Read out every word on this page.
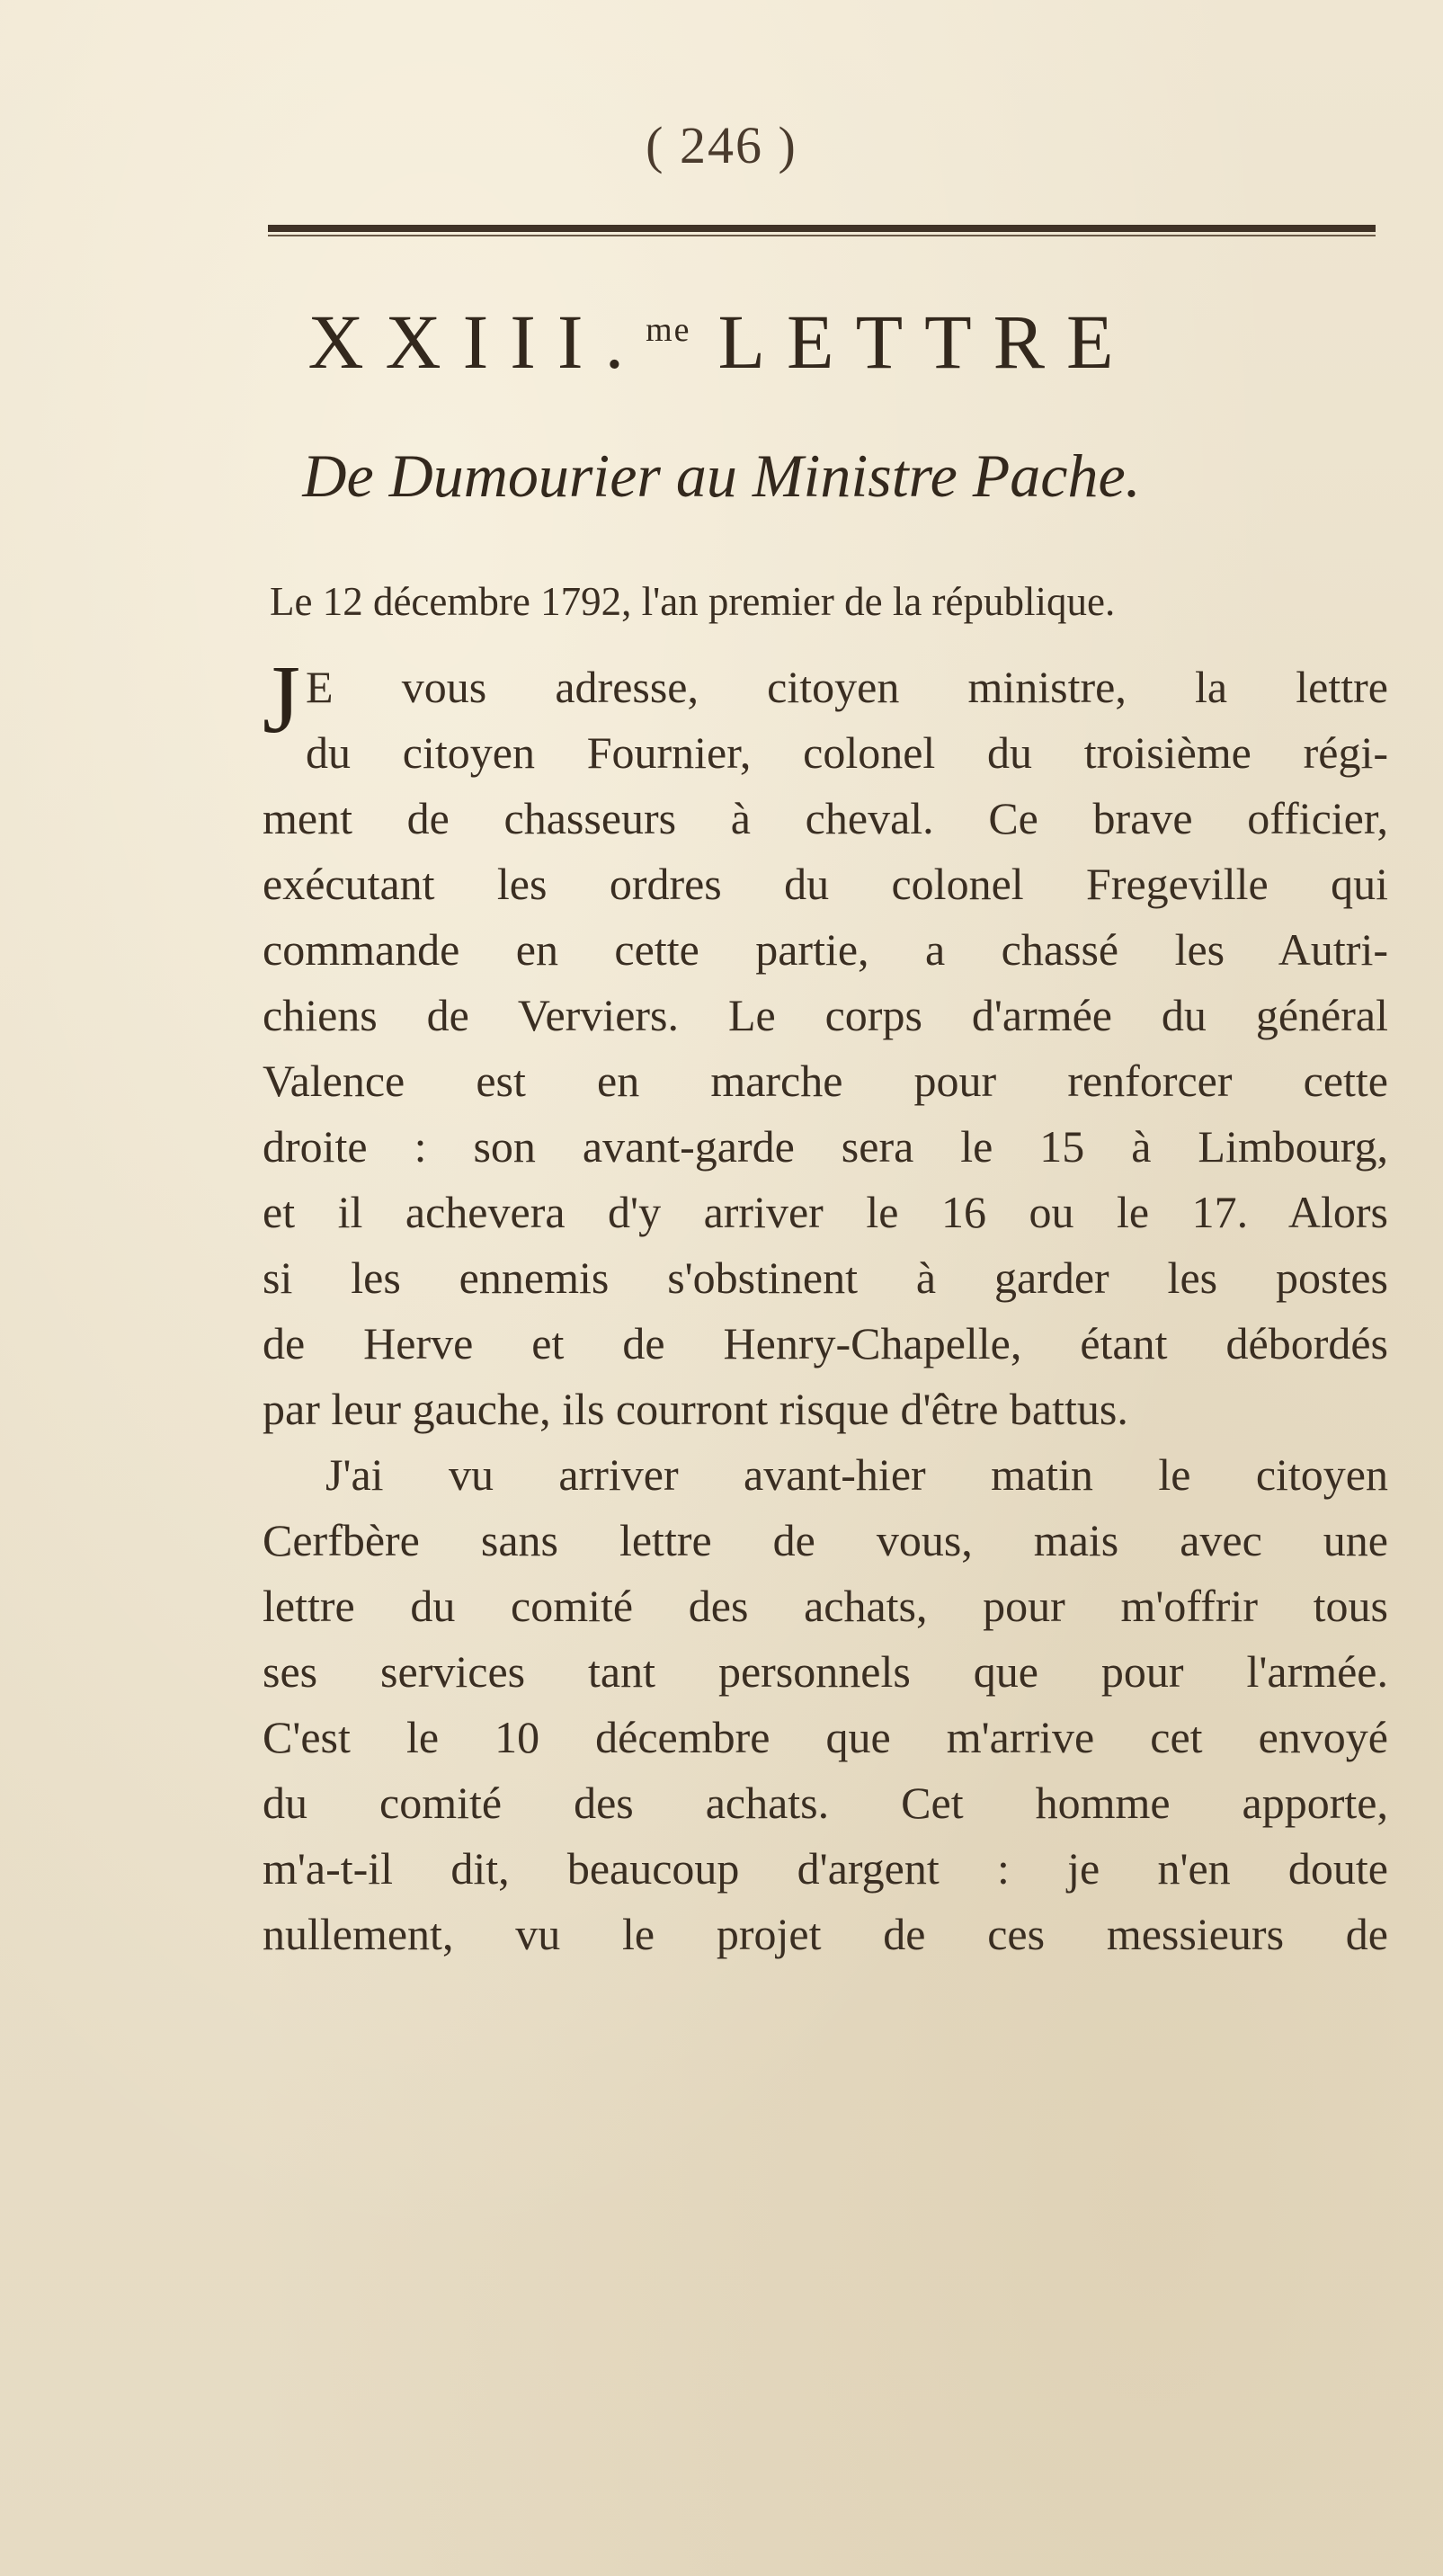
( 246 )
XXIII.$^{me}$ LETTRE
De Dumourier au Ministre Pache.
Le 12 décembre 1792, l'an premier de la république.
J E vous adresse, citoyen ministre, la lettre
du citoyen Fournier, colonel du troisième régi-
ment de chasseurs à cheval. Ce brave officier,
exécutant les ordres du colonel Fregeville qui
commande en cette partie, a chassé les Autri-
chiens de Verviers. Le corps d'armée du général
Valence est en marche pour renforcer cette
droite : son avant-garde sera le 15 à Limbourg,
et il achevera d'y arriver le 16 ou le 17. Alors
si les ennemis s'obstinent à garder les postes
de Herve et de Henry-Chapelle, étant débordés
par leur gauche, ils courront risque d'être battus.
J'ai vu arriver avant-hier matin le citoyen
Cerfbère sans lettre de vous, mais avec une
lettre du comité des achats, pour m'offrir tous
ses services tant personnels que pour l'armée.
C'est le 10 décembre que m'arrive cet envoyé
du comité des achats. Cet homme apporte,
m'a-t-il dit, beaucoup d'argent : je n'en doute
nullement, vu le projet de ces messieurs de
